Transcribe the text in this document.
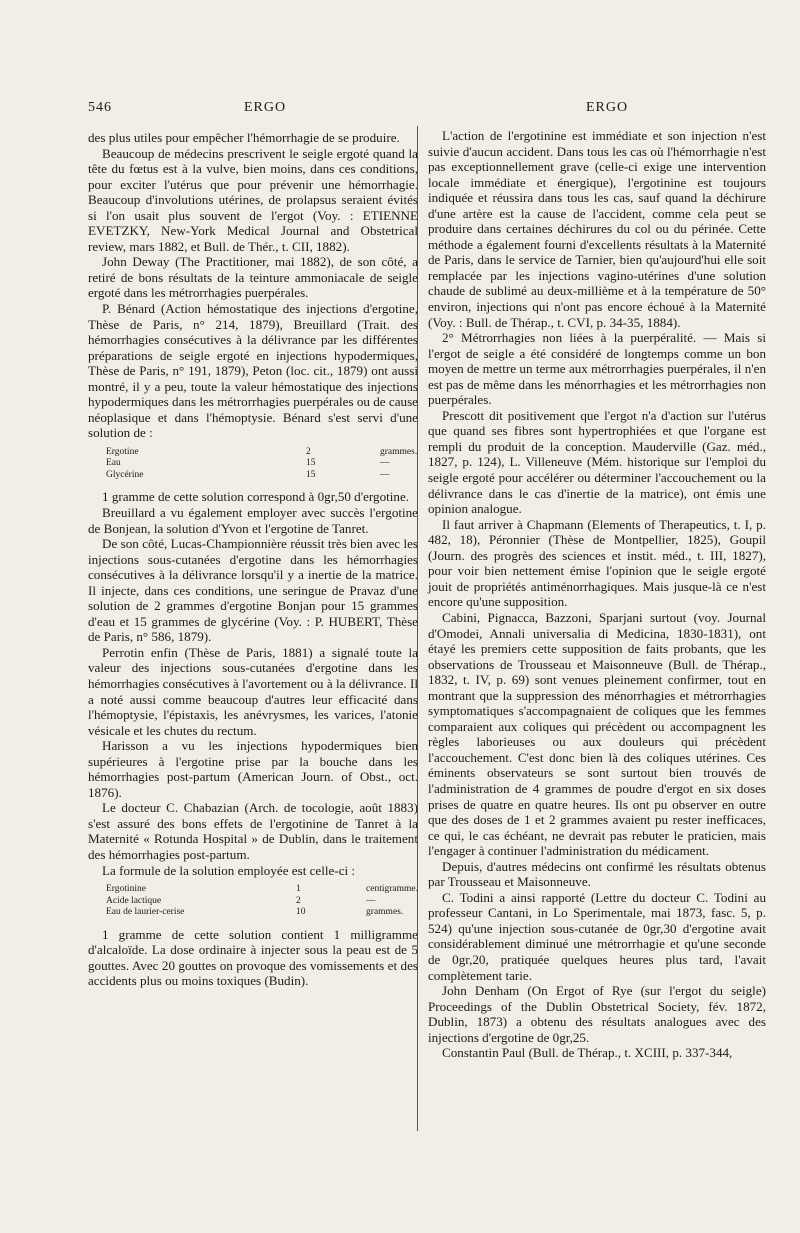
546	ERGO	ERGO

des plus utiles pour empêcher l'hémorrhagie de se produire.

Beaucoup de médecins prescrivent le seigle ergoté quand la tête du fœtus est à la vulve, bien moins, dans ces conditions, pour exciter l'utérus que pour prévenir une hémorrhagie. Beaucoup d'involutions utérines, de prolapsus seraient évités si l'on usait plus souvent de l'ergot (Voy. : ETIENNE EVETZKY, New-York Medical Journal and Obstetrical review, mars 1882, et Bull. de Thér., t. CII, 1882).

John Deway (The Practitioner, mai 1882), de son côté, a retiré de bons résultats de la teinture ammoniacale de seigle ergoté dans les métrorrhagies puerpérales.

P. Bénard (Action hémostatique des injections d'ergotine, Thèse de Paris, n° 214, 1879), Breuillard (Trait. des hémorrhagies consécutives à la délivrance par les différentes préparations de seigle ergoté en injections hypodermiques, Thèse de Paris, n° 191, 1879), Peton (loc. cit., 1879) ont aussi montré, il y a peu, toute la valeur hémostatique des injections hypodermiques dans les métrorrhagies puerpérales ou de cause néoplasique et dans l'hémoptysie. Bénard s'est servi d'une solution de :

Ergotine	2	grammes.
Eau	15	—
Glycérine	15	—

1 gramme de cette solution correspond à 0gr,50 d'ergotine.

Breuillard a vu également employer avec succès l'ergotine de Bonjean, la solution d'Yvon et l'ergotine de Tanret.

De son côté, Lucas-Championnière réussit très bien avec les injections sous-cutanées d'ergotine dans les hémorrhagies consécutives à la délivrance lorsqu'il y a inertie de la matrice. Il injecte, dans ces conditions, une seringue de Pravaz d'une solution de 2 grammes d'ergotine Bonjan pour 15 grammes d'eau et 15 grammes de glycérine (Voy. : P. HUBERT, Thèse de Paris, n° 586, 1879).

Perrotin enfin (Thèse de Paris, 1881) a signalé toute la valeur des injections sous-cutanées d'ergotine dans les hémorrhagies consécutives à l'avortement ou à la délivrance. Il a noté aussi comme beaucoup d'autres leur efficacité dans l'hémoptysie, l'épistaxis, les anévrysmes, les varices, l'atonie vésicale et les chutes du rectum.

Harisson a vu les injections hypodermiques bien supérieures à l'ergotine prise par la bouche dans les hémorrhagies post-partum (American Journ. of Obst., oct. 1876).

Le docteur C. Chabazian (Arch. de tocologie, août 1883) s'est assuré des bons effets de l'ergotinine de Tanret à la Maternité « Rotunda Hospital » de Dublin, dans le traitement des hémorrhagies post-partum.

La formule de la solution employée est celle-ci :

Ergotinine	1	centigramme.
Acide lactique	2	—
Eau de laurier-cerise	10	grammes.

1 gramme de cette solution contient 1 milligramme d'alcaloïde. La dose ordinaire à injecter sous la peau est de 5 gouttes. Avec 20 gouttes on provoque des vomissements et des accidents plus ou moins toxiques (Budin).

L'action de l'ergotinine est immédiate et son injection n'est suivie d'aucun accident. Dans tous les cas où l'hémorrhagie n'est pas exceptionnellement grave (celle-ci exige une intervention locale immédiate et énergique), l'ergotinine est toujours indiquée et réussira dans tous les cas, sauf quand la déchirure d'une artère est la cause de l'accident, comme cela peut se produire dans certaines déchirures du col ou du périnée. Cette méthode a également fourni d'excellents résultats à la Maternité de Paris, dans le service de Tarnier, bien qu'aujourd'hui elle soit remplacée par les injections vagino-utérines d'une solution chaude de sublimé au deux-millième et à la température de 50° environ, injections qui n'ont pas encore échoué à la Maternité (Voy. : Bull. de Thérap., t. CVI, p. 34-35, 1884).

2° Métrorrhagies non liées à la puerpéralité. — Mais si l'ergot de seigle a été considéré de longtemps comme un bon moyen de mettre un terme aux métrorrhagies puerpérales, il n'en est pas de même dans les ménorrhagies et les métrorrhagies non puerpérales.

Prescott dit positivement que l'ergot n'a d'action sur l'utérus que quand ses fibres sont hypertrophiées et que l'organe est rempli du produit de la conception. Mauderville (Gaz. méd., 1827, p. 124), L. Villeneuve (Mém. historique sur l'emploi du seigle ergoté pour accélérer ou déterminer l'accouchement ou la délivrance dans le cas d'inertie de la matrice), ont émis une opinion analogue.

Il faut arriver à Chapmann (Elements of Therapeutics, t. I, p. 482, 18), Péronnier (Thèse de Montpellier, 1825), Goupil (Journ. des progrès des sciences et instit. méd., t. III, 1827), pour voir bien nettement émise l'opinion que le seigle ergoté jouit de propriétés antiménorrhagiques. Mais jusque-là ce n'est encore qu'une supposition.

Cabini, Pignacca, Bazzoni, Sparjani surtout (voy. Journal d'Omodei, Annali universalia di Medicina, 1830-1831), ont étayé les premiers cette supposition de faits probants, que les observations de Trousseau et Maisonneuve (Bull. de Thérap., 1832, t. IV, p. 69) sont venues pleinement confirmer, tout en montrant que la suppression des ménorrhagies et métrorrhagies symptomatiques s'accompagnaient de coliques que les femmes comparaient aux coliques qui précèdent ou accompagnent les règles laborieuses ou aux douleurs qui précèdent l'accouchement. C'est donc bien là des coliques utérines. Ces éminents observateurs se sont surtout bien trouvés de l'administration de 4 grammes de poudre d'ergot en six doses prises de quatre en quatre heures. Ils ont pu observer en outre que des doses de 1 et 2 grammes avaient pu rester inefficaces, ce qui, le cas échéant, ne devrait pas rebuter le praticien, mais l'engager à continuer l'administration du médicament.

Depuis, d'autres médecins ont confirmé les résultats obtenus par Trousseau et Maisonneuve.

C. Todini a ainsi rapporté (Lettre du docteur C. Todini au professeur Cantani, in Lo Sperimentale, mai 1873, fasc. 5, p. 524) qu'une injection sous-cutanée de 0gr,30 d'ergotine avait considérablement diminué une métrorrhagie et qu'une seconde de 0gr,20, pratiquée quelques heures plus tard, l'avait complètement tarie.

John Denham (On Ergot of Rye (sur l'ergot du seigle) Proceedings of the Dublin Obstetrical Society, fév. 1872, Dublin, 1873) a obtenu des résultats analogues avec des injections d'ergotine de 0gr,25.

Constantin Paul (Bull. de Thérap., t. XCIII, p. 337-344,
